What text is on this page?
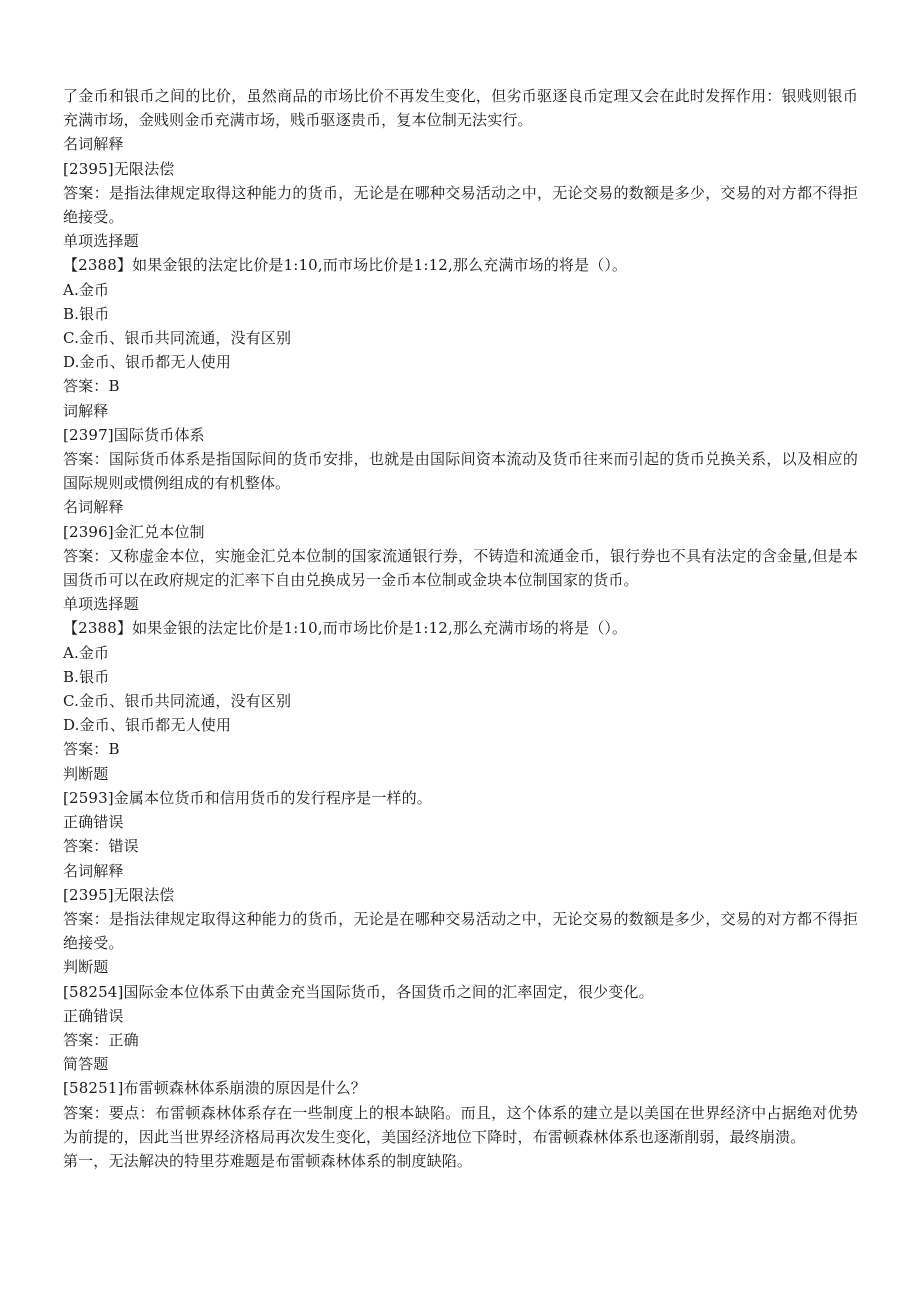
了金币和银币之间的比价，虽然商品的市场比价不再发生变化，但劣币驱逐良币定理又会在此时发挥作用：银贱则银币充满市场，金贱则金币充满市场，贱币驱逐贵币，复本位制无法实行。
名词解释
[2395]无限法偿
答案：是指法律规定取得这种能力的货币，无论是在哪种交易活动之中，无论交易的数额是多少，交易的对方都不得拒绝接受。
单项选择题
【2388】如果金银的法定比价是1:10,而市场比价是1:12,那么充满市场的将是（）。
A.金币
B.银币
C.金币、银币共同流通，没有区别
D.金币、银币都无人使用
答案：B
词解释
[2397]国际货币体系
答案：国际货币体系是指国际间的货币安排，也就是由国际间资本流动及货币往来而引起的货币兑换关系，以及相应的国际规则或惯例组成的有机整体。
名词解释
[2396]金汇兑本位制
答案：又称虚金本位，实施金汇兑本位制的国家流通银行券，不铸造和流通金币，银行券也不具有法定的含金量,但是本国货币可以在政府规定的汇率下自由兑换成另一金币本位制或金块本位制国家的货币。
单项选择题
【2388】如果金银的法定比价是1:10,而市场比价是1:12,那么充满市场的将是（）。
A.金币
B.银币
C.金币、银币共同流通，没有区别
D.金币、银币都无人使用
答案：B
判断题
[2593]金属本位货币和信用货币的发行程序是一样的。
正确错误
答案：错误
名词解释
[2395]无限法偿
答案：是指法律规定取得这种能力的货币，无论是在哪种交易活动之中，无论交易的数额是多少，交易的对方都不得拒绝接受。
判断题
[58254]国际金本位体系下由黄金充当国际货币，各国货币之间的汇率固定，很少变化。
正确错误
答案：正确
简答题
[58251]布雷顿森林体系崩溃的原因是什么？
答案：要点：布雷顿森林体系存在一些制度上的根本缺陷。而且，这个体系的建立是以美国在世界经济中占据绝对优势为前提的，因此当世界经济格局再次发生变化，美国经济地位下降时，布雷顿森林体系也逐渐削弱，最终崩溃。
第一，无法解决的特里芬难题是布雷顿森林体系的制度缺陷。
